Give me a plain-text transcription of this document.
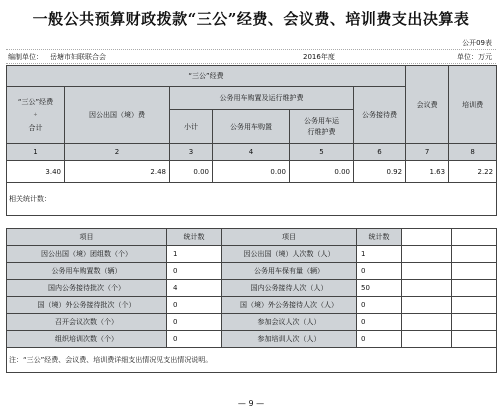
一般公共预算财政拨款“三公”经费、会议费、培训费支出决算表
公开09表
编制单位： 岳塘市妇联联合会	2016年度	单位：万元
“三公”经费						会议费	培训费

“三公”经费
+
合计	因公出国（境）费	公务用车购置及运行维护费			公务接待费		
		小计	公务用车购置	公务用车运
行维护费			

1	2	3	4	5	6	7	8
3.40	2.48	0.00	0.00	0.00	0.92	1.63	2.22
相关统计数：							
项目	统计数	项目	统计数		
因公出国（境）团组数（个）	1	因公出国（境）人次数（人）	1		
公务用车购置数（辆）	0	公务用车保有量（辆）	0		
国内公务接待批次（个）	4	国内公务接待人次（人）	50		
国（境）外公务接待批次（个）	0	国（境）外公务接待人次（人）	0		
召开会议次数（个）	0	参加会议人次（人）	0		
组织培训次数（个）	0	参加培训人次（人）	0		
注：“三公”经费、会议费、培训费详细支出情况见支出情况说明。					
— 9 —
